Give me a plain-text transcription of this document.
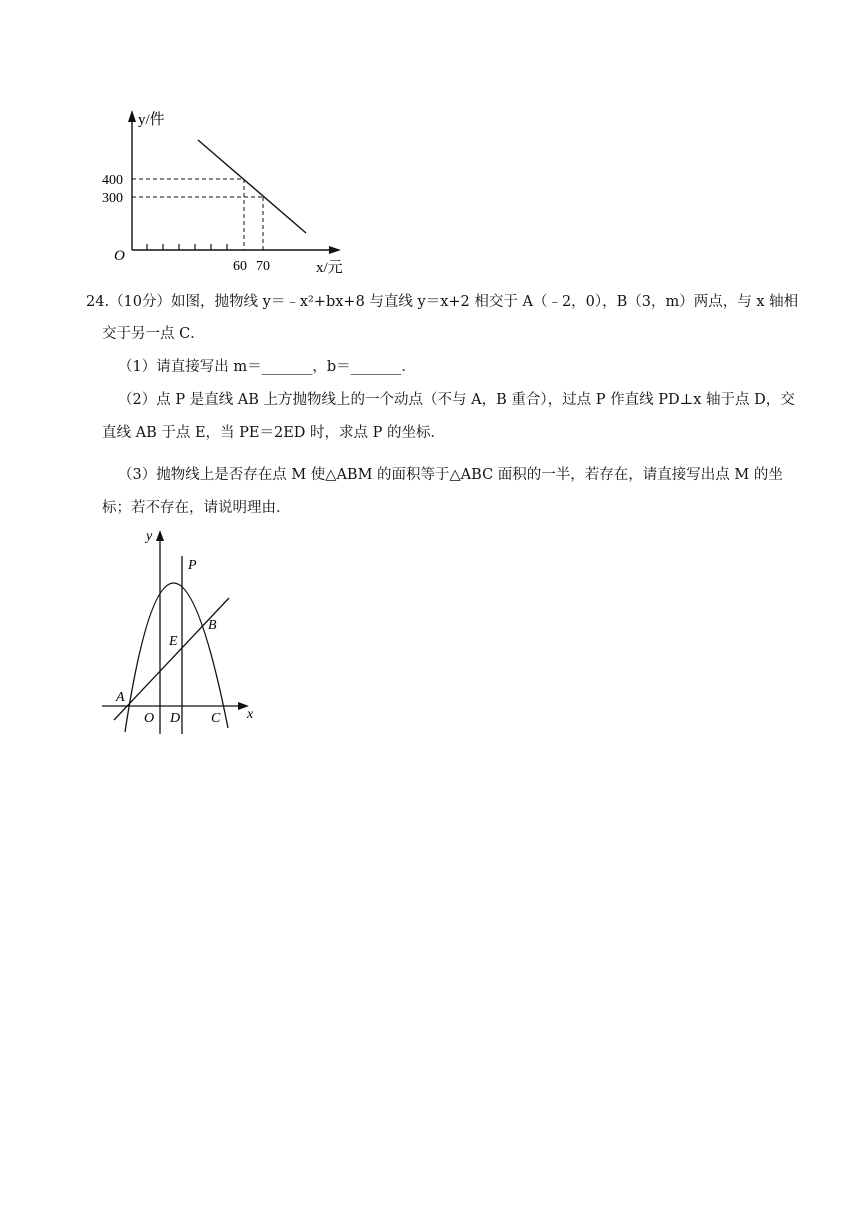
y/件
x/元
O
400
300
60 70
24.（10分）如图，抛物线 y＝﹣x²+bx+8 与直线 y＝x+2 相交于 A（﹣2，0），B（3，m）两点，与 x 轴相
交于另一点 C．
（1）请直接写出 m＝_______，b＝_______．
（2）点 P 是直线 AB 上方抛物线上的一个动点（不与 A，B 重合），过点 P 作直线 PD⊥x 轴于点 D，交
直线 AB 于点 E，当 PE＝2ED 时，求点 P 的坐标．
（3）抛物线上是否存在点 M 使△ABM 的面积等于△ABC 面积的一半，若存在，请直接写出点 M 的坐
标；若不存在，请说明理由．
y
x
P
B
E
A
O D C
